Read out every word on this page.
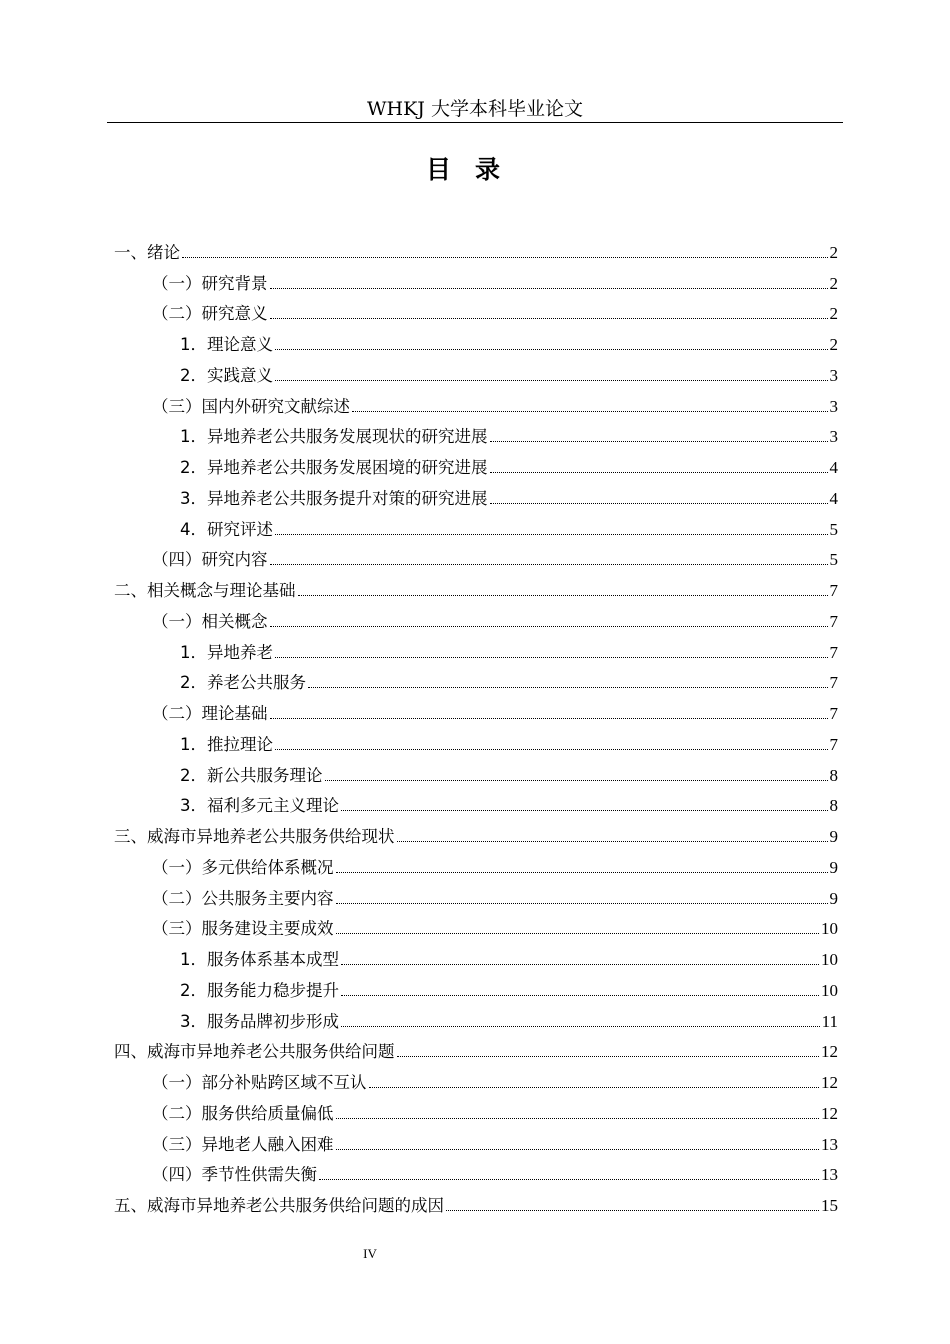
WHKJ 大学本科毕业论文
目录
一、绪论	2
（一）研究背景	2
（二）研究意义	2
1．理论意义	2
2．实践意义	3
（三）国内外研究文献综述	3
1．异地养老公共服务发展现状的研究进展	3
2．异地养老公共服务发展困境的研究进展	4
3．异地养老公共服务提升对策的研究进展	4
4．研究评述	5
（四）研究内容	5
二、相关概念与理论基础	7
（一）相关概念	7
1．异地养老	7
2．养老公共服务	7
（二）理论基础	7
1．推拉理论	7
2．新公共服务理论	8
3．福利多元主义理论	8
三、威海市异地养老公共服务供给现状	9
（一）多元供给体系概况	9
（二）公共服务主要内容	9
（三）服务建设主要成效	10
1．服务体系基本成型	10
2．服务能力稳步提升	10
3．服务品牌初步形成	11
四、威海市异地养老公共服务供给问题	12
（一）部分补贴跨区域不互认	12
（二）服务供给质量偏低	12
（三）异地老人融入困难	13
（四）季节性供需失衡	13
五、威海市异地养老公共服务供给问题的成因	15
IV
